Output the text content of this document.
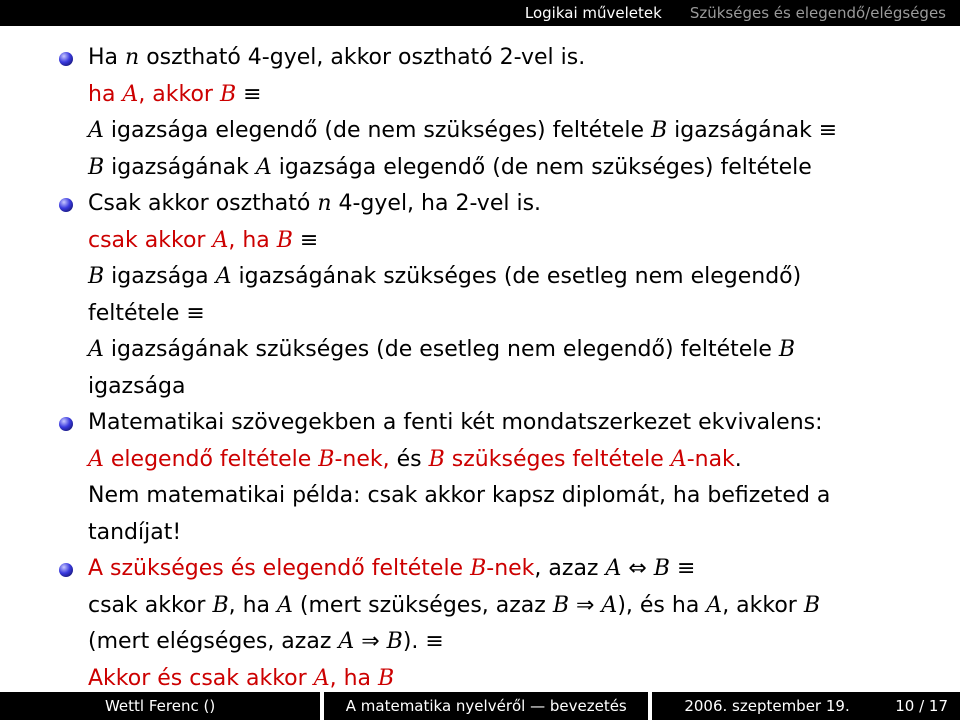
Logikai műveletek	Szükséges és elegendő/elégséges
Ha n osztható 4-gyel, akkor osztható 2-vel is.
ha A, akkor B ≡
A igazsága elegendő (de nem szükséges) feltétele B igazságának ≡
B igazságának A igazsága elegendő (de nem szükséges) feltétele
Csak akkor osztható n 4-gyel, ha 2-vel is.
csak akkor A, ha B ≡
B igazsága A igazságának szükséges (de esetleg nem elegendő)
feltétele ≡
A igazságának szükséges (de esetleg nem elegendő) feltétele B
igazsága
Matematikai szövegekben a fenti két mondatszerkezet ekvivalens:
A elegendő feltétele B-nek, és B szükséges feltétele A-nak.
Nem matematikai példa: csak akkor kapsz diplomát, ha befizeted a
tandíjat!
A szükséges és elegendő feltétele B-nek, azaz A ⇔ B ≡
csak akkor B, ha A (mert szükséges, azaz B ⇒ A), és ha A, akkor B
(mert elégséges, azaz A ⇒ B). ≡
Akkor és csak akkor A, ha B
Wettl Ferenc ()	A matematika nyelvéről — bevezetés	2006. szeptember 19.	10 / 17
